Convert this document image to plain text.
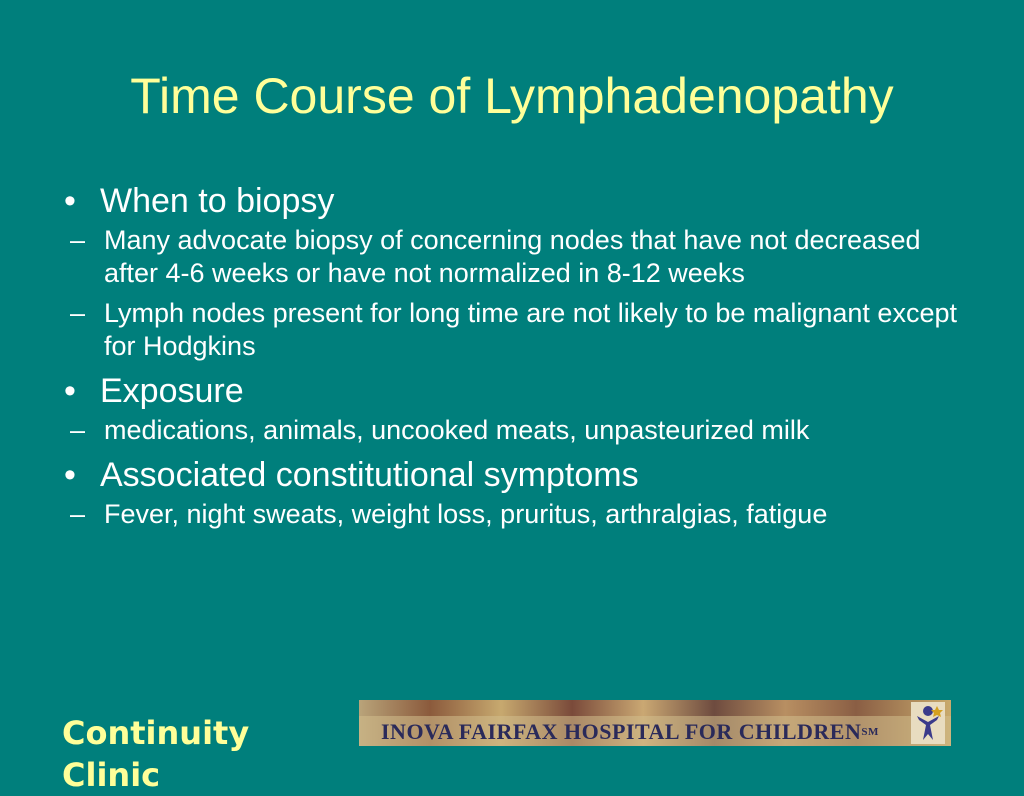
Time Course of Lymphadenopathy
• When to biopsy
– Many advocate biopsy of concerning nodes that have not decreased after 4-6 weeks or have not normalized in 8-12 weeks
– Lymph nodes present for long time are not likely to be malignant except for Hodgkins
• Exposure
– medications, animals, uncooked meats, unpasteurized milk
• Associated constitutional symptoms
– Fever, night sweats, weight loss, pruritus, arthralgias, fatigue
Continuity Clinic
INOVA FAIRFAX HOSPITAL FOR CHILDREN℠
